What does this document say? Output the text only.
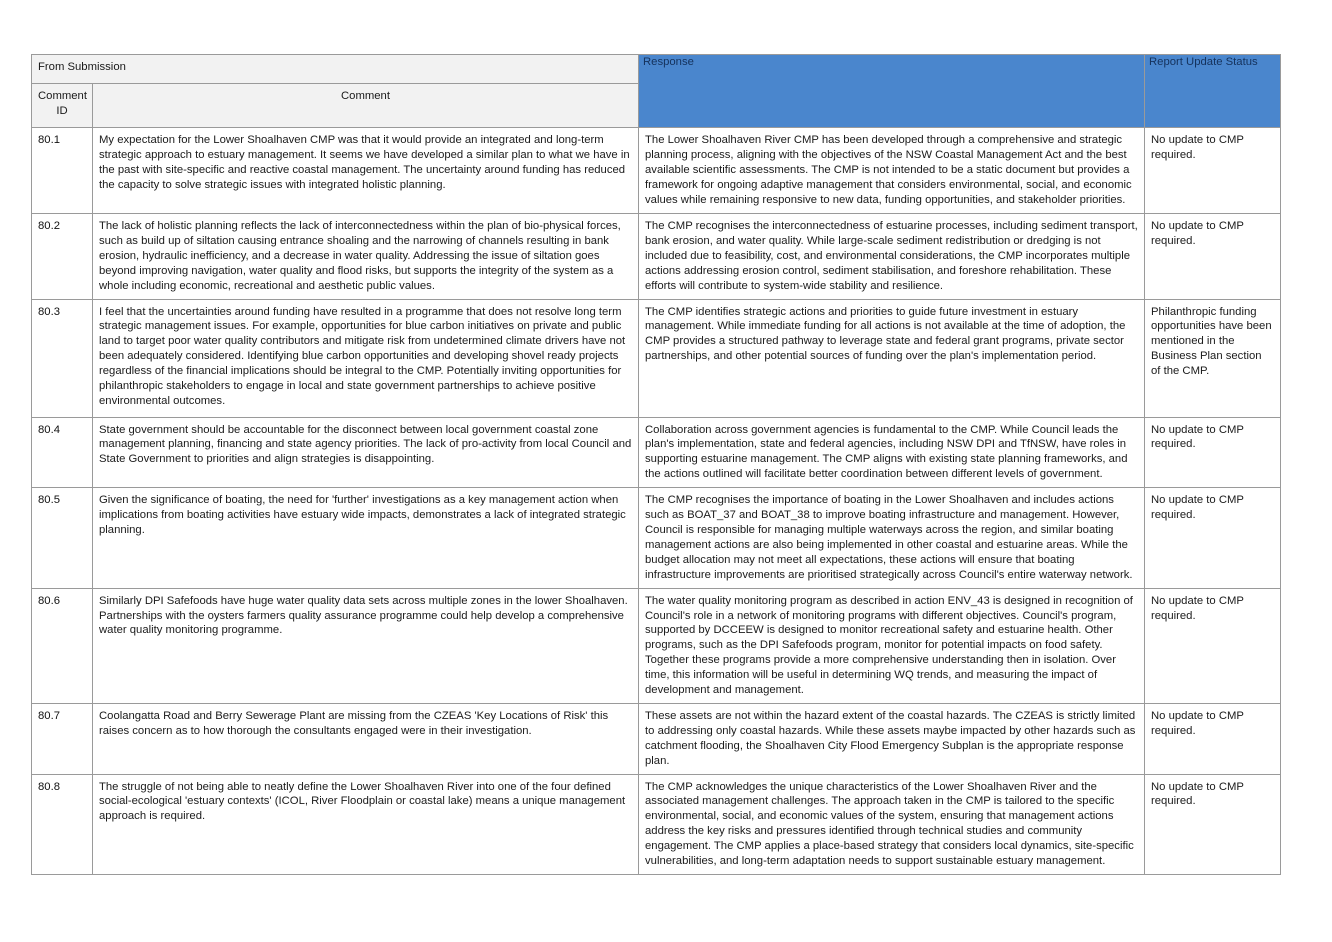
From Submission		Response	Report Update Status

Comment ID	Comment		
80.1	My expectation for the Lower Shoalhaven CMP was that it would provide an integrated and long-term strategic approach to estuary management. It seems we have developed a similar plan to what we have in the past with site-specific and reactive coastal management. The uncertainty around funding has reduced the capacity to solve strategic issues with integrated holistic planning.	The Lower Shoalhaven River CMP has been developed through a comprehensive and strategic planning process, aligning with the objectives of the NSW Coastal Management Act and the best available scientific assessments. The CMP is not intended to be a static document but provides a framework for ongoing adaptive management that considers environmental, social, and economic values while remaining responsive to new data, funding opportunities, and stakeholder priorities.	No update to CMP required.
80.2	The lack of holistic planning reflects the lack of interconnectedness within the plan of bio-physical forces, such as build up of siltation causing entrance shoaling and the narrowing of channels resulting in bank erosion, hydraulic inefficiency, and a decrease in water quality. Addressing the issue of siltation goes beyond improving navigation, water quality and flood risks, but supports the integrity of the system as a whole including economic, recreational and aesthetic public values.	The CMP recognises the interconnectedness of estuarine processes, including sediment transport, bank erosion, and water quality. While large-scale sediment redistribution or dredging is not included due to feasibility, cost, and environmental considerations, the CMP incorporates multiple actions addressing erosion control, sediment stabilisation, and foreshore rehabilitation. These efforts will contribute to system-wide stability and resilience.	No update to CMP required.
80.3	I feel that the uncertainties around funding have resulted in a programme that does not resolve long term strategic management issues. For example, opportunities for blue carbon initiatives on private and public land to target poor water quality contributors and mitigate risk from undetermined climate drivers have not been adequately considered. Identifying blue carbon opportunities and developing shovel ready projects regardless of the financial implications should be integral to the CMP. Potentially inviting opportunities for philanthropic stakeholders to engage in local and state government partnerships to achieve positive environmental outcomes.	The CMP identifies strategic actions and priorities to guide future investment in estuary management. While immediate funding for all actions is not available at the time of adoption, the CMP provides a structured pathway to leverage state and federal grant programs, private sector partnerships, and other potential sources of funding over the plan's implementation period.	Philanthropic funding opportunities have been mentioned in the Business Plan section of the CMP.
80.4	State government should be accountable for the disconnect between local government coastal zone management planning, financing and state agency priorities. The lack of pro-activity from local Council and State Government to priorities and align strategies is disappointing.	Collaboration across government agencies is fundamental to the CMP. While Council leads the plan's implementation, state and federal agencies, including NSW DPI and TfNSW, have roles in supporting estuarine management. The CMP aligns with existing state planning frameworks, and the actions outlined will facilitate better coordination between different levels of government.	No update to CMP required.
80.5	Given the significance of boating, the need for 'further' investigations as a key management action when implications from boating activities have estuary wide impacts, demonstrates a lack of integrated strategic planning.	The CMP recognises the importance of boating in the Lower Shoalhaven and includes actions such as BOAT_37 and BOAT_38 to improve boating infrastructure and management. However, Council is responsible for managing multiple waterways across the region, and similar boating management actions are also being implemented in other coastal and estuarine areas. While the budget allocation may not meet all expectations, these actions will ensure that boating infrastructure improvements are prioritised strategically across Council's entire waterway network.	No update to CMP required.
80.6	Similarly DPI Safefoods have huge water quality data sets across multiple zones in the lower Shoalhaven. Partnerships with the oysters farmers quality assurance programme could help develop a comprehensive water quality monitoring programme.	The water quality monitoring program as described in action ENV_43 is designed in recognition of Council's role in a network of monitoring programs with different objectives. Council's program, supported by DCCEEW is designed to monitor recreational safety and estuarine health. Other programs, such as the DPI Safefoods program, monitor for potential impacts on food safety. Together these programs provide a more comprehensive understanding then in isolation. Over time, this information will be useful in determining WQ trends, and measuring the impact of development and management.	No update to CMP required.
80.7	Coolangatta Road and Berry Sewerage Plant are missing from the CZEAS 'Key Locations of Risk' this raises concern as to how thorough the consultants engaged were in their investigation.	These assets are not within the hazard extent of the coastal hazards. The CZEAS is strictly limited to addressing only coastal hazards. While these assets maybe impacted by other hazards such as catchment flooding, the Shoalhaven City Flood Emergency Subplan is the appropriate response plan.	No update to CMP required.
80.8	The struggle of not being able to neatly define the Lower Shoalhaven River into one of the four defined social-ecological 'estuary contexts' (ICOL, River Floodplain or coastal lake) means a unique management approach is required.	The CMP acknowledges the unique characteristics of the Lower Shoalhaven River and the associated management challenges. The approach taken in the CMP is tailored to the specific environmental, social, and economic values of the system, ensuring that management actions address the key risks and pressures identified through technical studies and community engagement. The CMP applies a place-based strategy that considers local dynamics, site-specific vulnerabilities, and long-term adaptation needs to support sustainable estuary management.	No update to CMP required.
